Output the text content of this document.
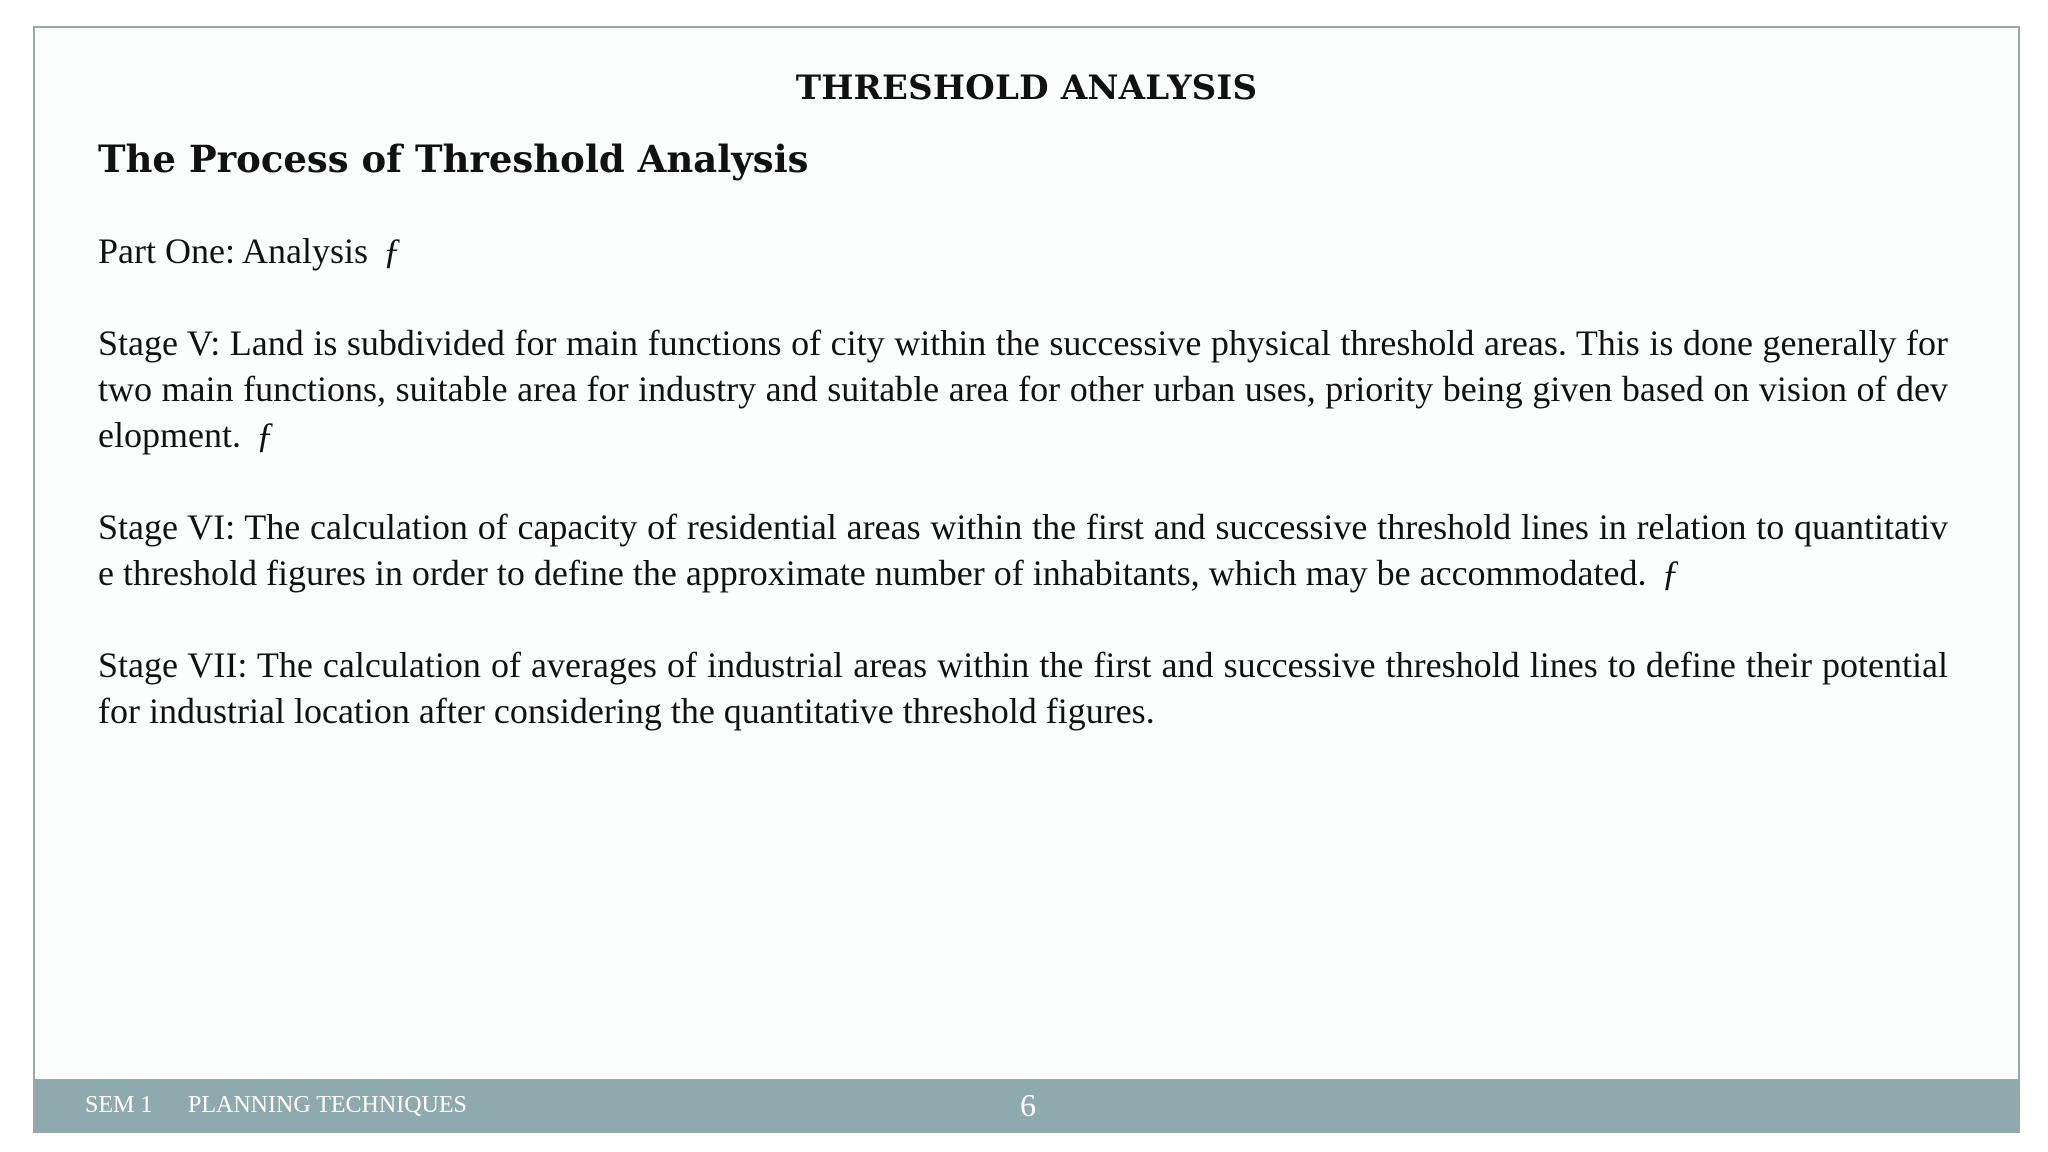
THRESHOLD ANALYSIS
The Process of Threshold Analysis
Part One: Analysis ƒ
Stage V: Land is subdivided for main functions of city within the successive physical threshold areas. This is done generally for two main functions, suitable area for industry and suitable area for other urban uses, priority being given based on vision of development. ƒ
Stage VI: The calculation of capacity of residential areas within the first and successive threshold lines in relation to quantitative threshold figures in order to define the approximate number of inhabitants, which may be accommodated. ƒ
Stage VII: The calculation of averages of industrial areas within the first and successive threshold lines to define their potential for industrial location after considering the quantitative threshold figures.
SEM 1 PLANNING TECHNIQUES	6
